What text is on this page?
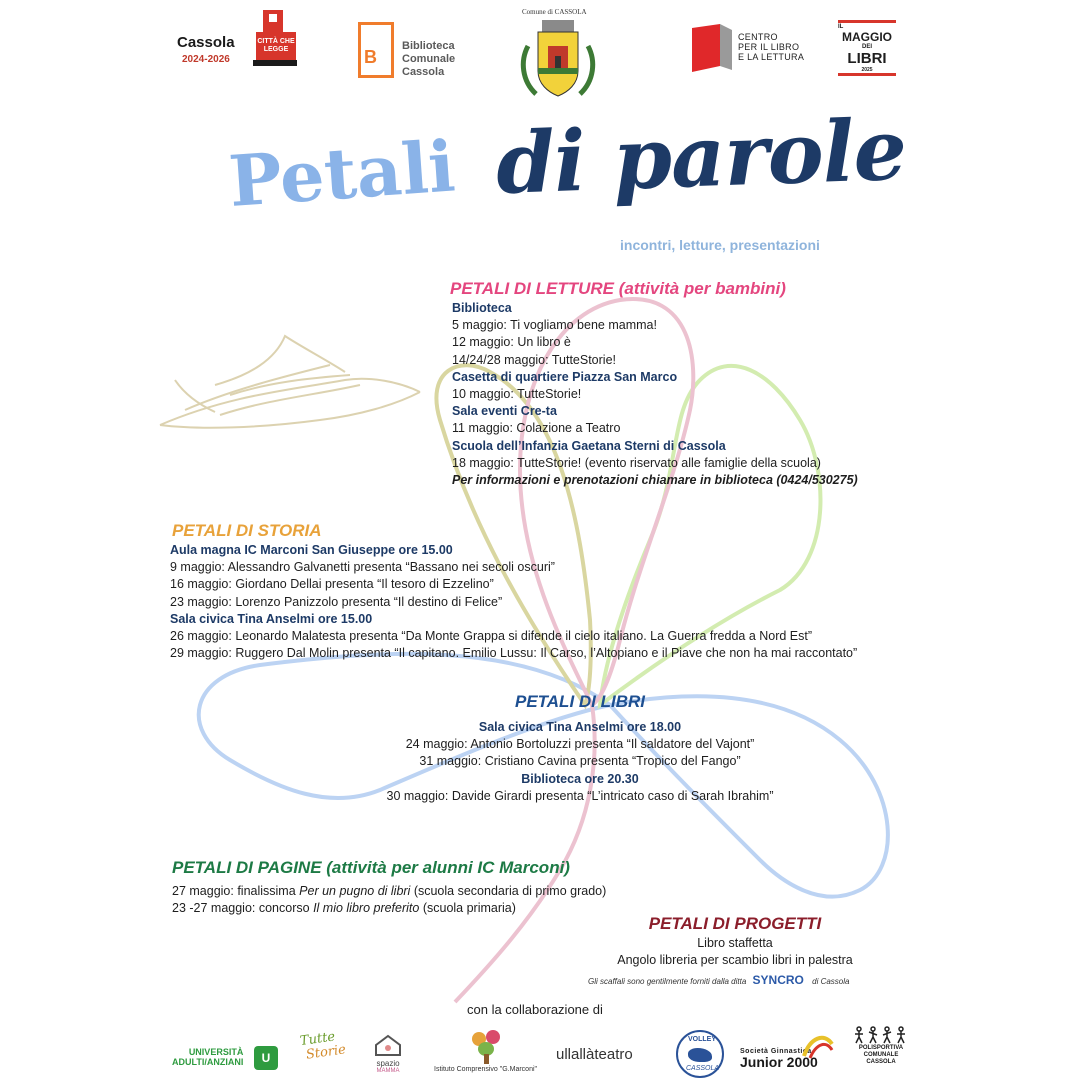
Cassola
2024-2026
CITTÀ CHE LEGGE	B
Biblioteca
Comunale
Cassola
Comune di CASSOLA
CENTRO
PER IL LIBRO
E LA LETTURA
IL
MAGGIO
DEI
LIBRI
2025
Petali di parole
incontri, letture, presentazioni
PETALI DI LETTURE (attività per bambini)
Biblioteca
5 maggio: Ti vogliamo bene mamma!
12 maggio: Un libro è
14/24/28 maggio: TutteStorie!
Casetta di quartiere Piazza San Marco
10 maggio: TutteStorie!
Sala eventi Cre-ta
11 maggio: Colazione a Teatro
Scuola dell’Infanzia Gaetana Sterni di Cassola
18 maggio: TutteStorie! (evento riservato alle famiglie della scuola)
Per informazioni e prenotazioni chiamare in biblioteca (0424/530275)
PETALI DI STORIA
Aula magna IC Marconi San Giuseppe ore 15.00
9 maggio: Alessandro Galvanetti presenta “Bassano nei secoli oscuri”
16 maggio: Giordano Dellai presenta “Il tesoro di Ezzelino”
23 maggio: Lorenzo Panizzolo presenta “Il destino di Felice”
Sala civica Tina Anselmi ore 15.00
26 maggio: Leonardo Malatesta presenta “Da Monte Grappa si difende il cielo italiano. La Guerra fredda a Nord Est”
29 maggio: Ruggero Dal Molin presenta “Il capitano. Emilio Lussu: Il Carso, l’Altopiano e il Piave che non ha mai raccontato”
PETALI DI LIBRI
Sala civica Tina Anselmi ore 18.00
24 maggio: Antonio Bortoluzzi presenta “Il saldatore del Vajont”
31 maggio: Cristiano Cavina presenta “Tropico del Fango”
Biblioteca ore 20.30
30 maggio: Davide Girardi presenta “L’intricato caso di Sarah Ibrahim”
PETALI DI PAGINE (attività per alunni IC Marconi)
27 maggio: finalissima Per un pugno di libri (scuola secondaria di primo grado)
23 -27 maggio: concorso Il mio libro preferito (scuola primaria)
PETALI DI PROGETTI
Libro staffetta
Angolo libreria per scambio libri in palestra
Gli scaffali sono gentilmente forniti dalla ditta SYNCRO di Cassola
con la collaborazione di
UNIVERSITÀ
ADULTI/ANZIANI	U
Tutte
Storie
spazio
MAMMA	Istituto Comprensivo "G.Marconi"
ullallàteatro
VOLLEY
CASSOLA
Società Ginnastica
Junior 2000
POLISPORTIVA
COMUNALE
CASSOLA
